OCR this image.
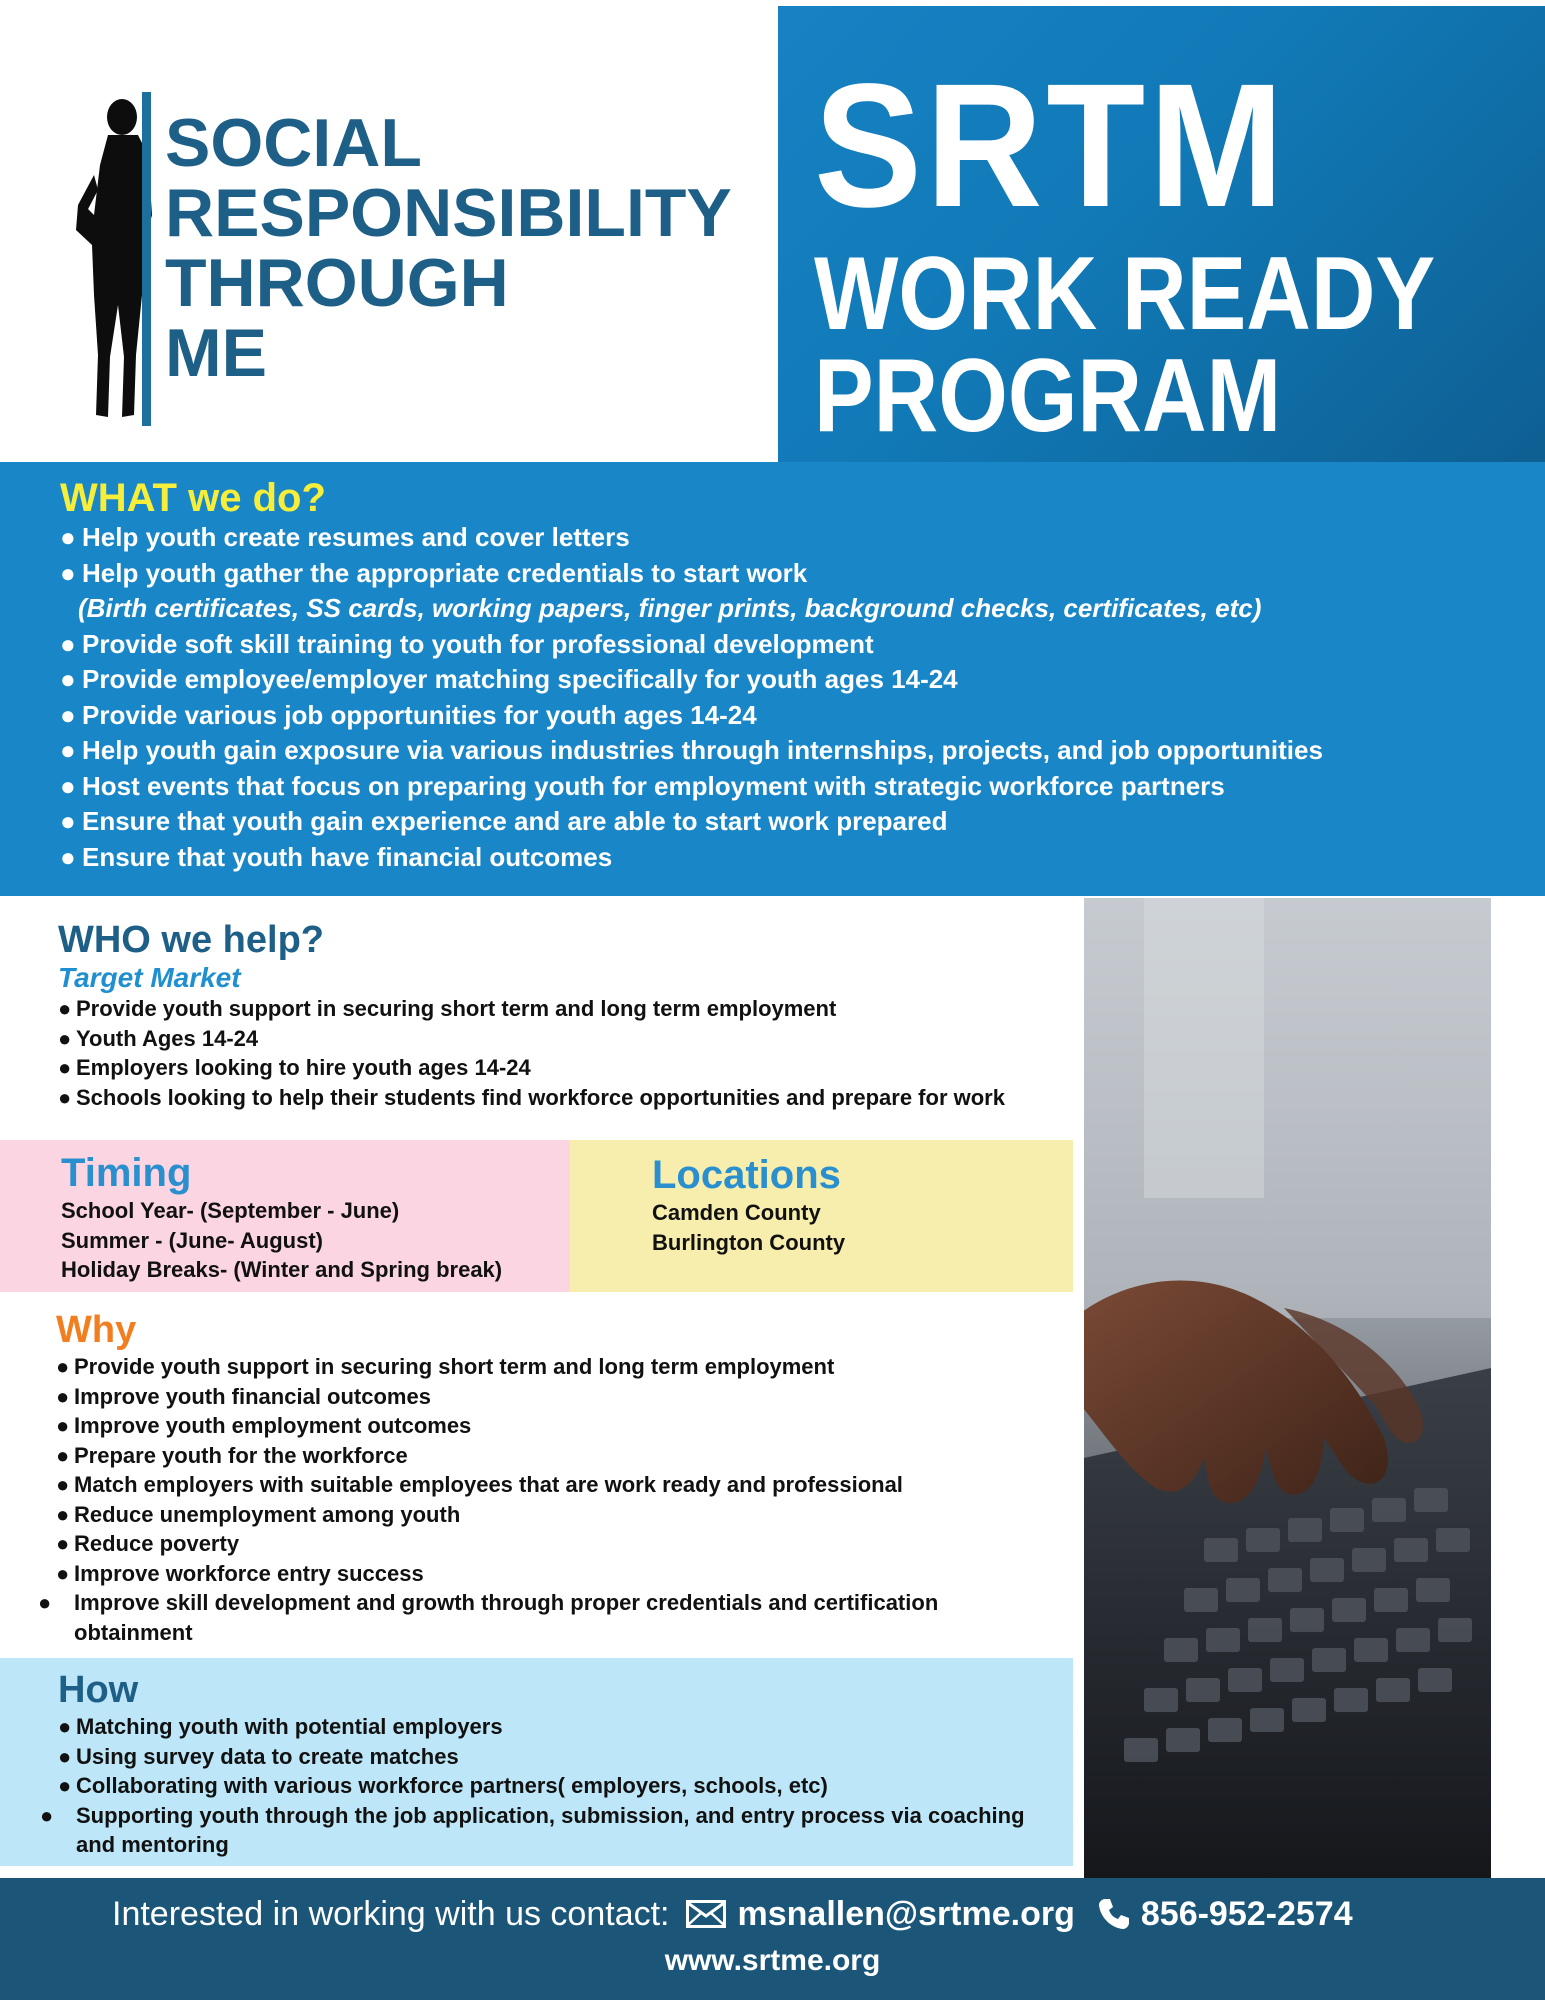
SOCIAL
RESPONSIBILITY
THROUGH
ME
SRTM
WORK READY
PROGRAM
WHAT we do?
● Help youth create resumes and cover letters
● Help youth gather the appropriate credentials to start work
(Birth certificates, SS cards, working papers, finger prints, background checks, certificates, etc)
● Provide soft skill training to youth for professional development
● Provide employee/employer matching specifically for youth ages 14-24
● Provide various job opportunities for youth ages 14-24
● Help youth gain exposure via various industries through internships, projects, and job opportunities
● Host events that focus on preparing youth for employment with strategic workforce partners
● Ensure that youth gain experience and are able to start work prepared
● Ensure that youth have financial outcomes
WHO we help?
Target Market
● Provide youth support in securing short term and long term employment
● Youth Ages 14-24
● Employers looking to hire youth ages 14-24
● Schools looking to help their students find workforce opportunities and prepare for work
Timing
School Year- (September - June)
Summer - (June- August)
Holiday Breaks- (Winter and Spring break)
Locations
Camden County
Burlington County
Why
● Provide youth support in securing short term and long term employment
● Improve youth financial outcomes
● Improve youth employment outcomes
● Prepare youth for the workforce
● Match employers with suitable employees that are work ready and professional
● Reduce unemployment among youth
● Reduce poverty
● Improve workforce entry success
● Improve skill development and growth through proper credentials and certification obtainment
How
● Matching youth with potential employers
● Using survey data to create matches
● Collaborating with various workforce partners( employers, schools, etc)
● Supporting youth through the job application, submission, and entry process via coaching and mentoring
Interested in working with us contact: msnallen@srtme.org 856-952-2574
www.srtme.org
